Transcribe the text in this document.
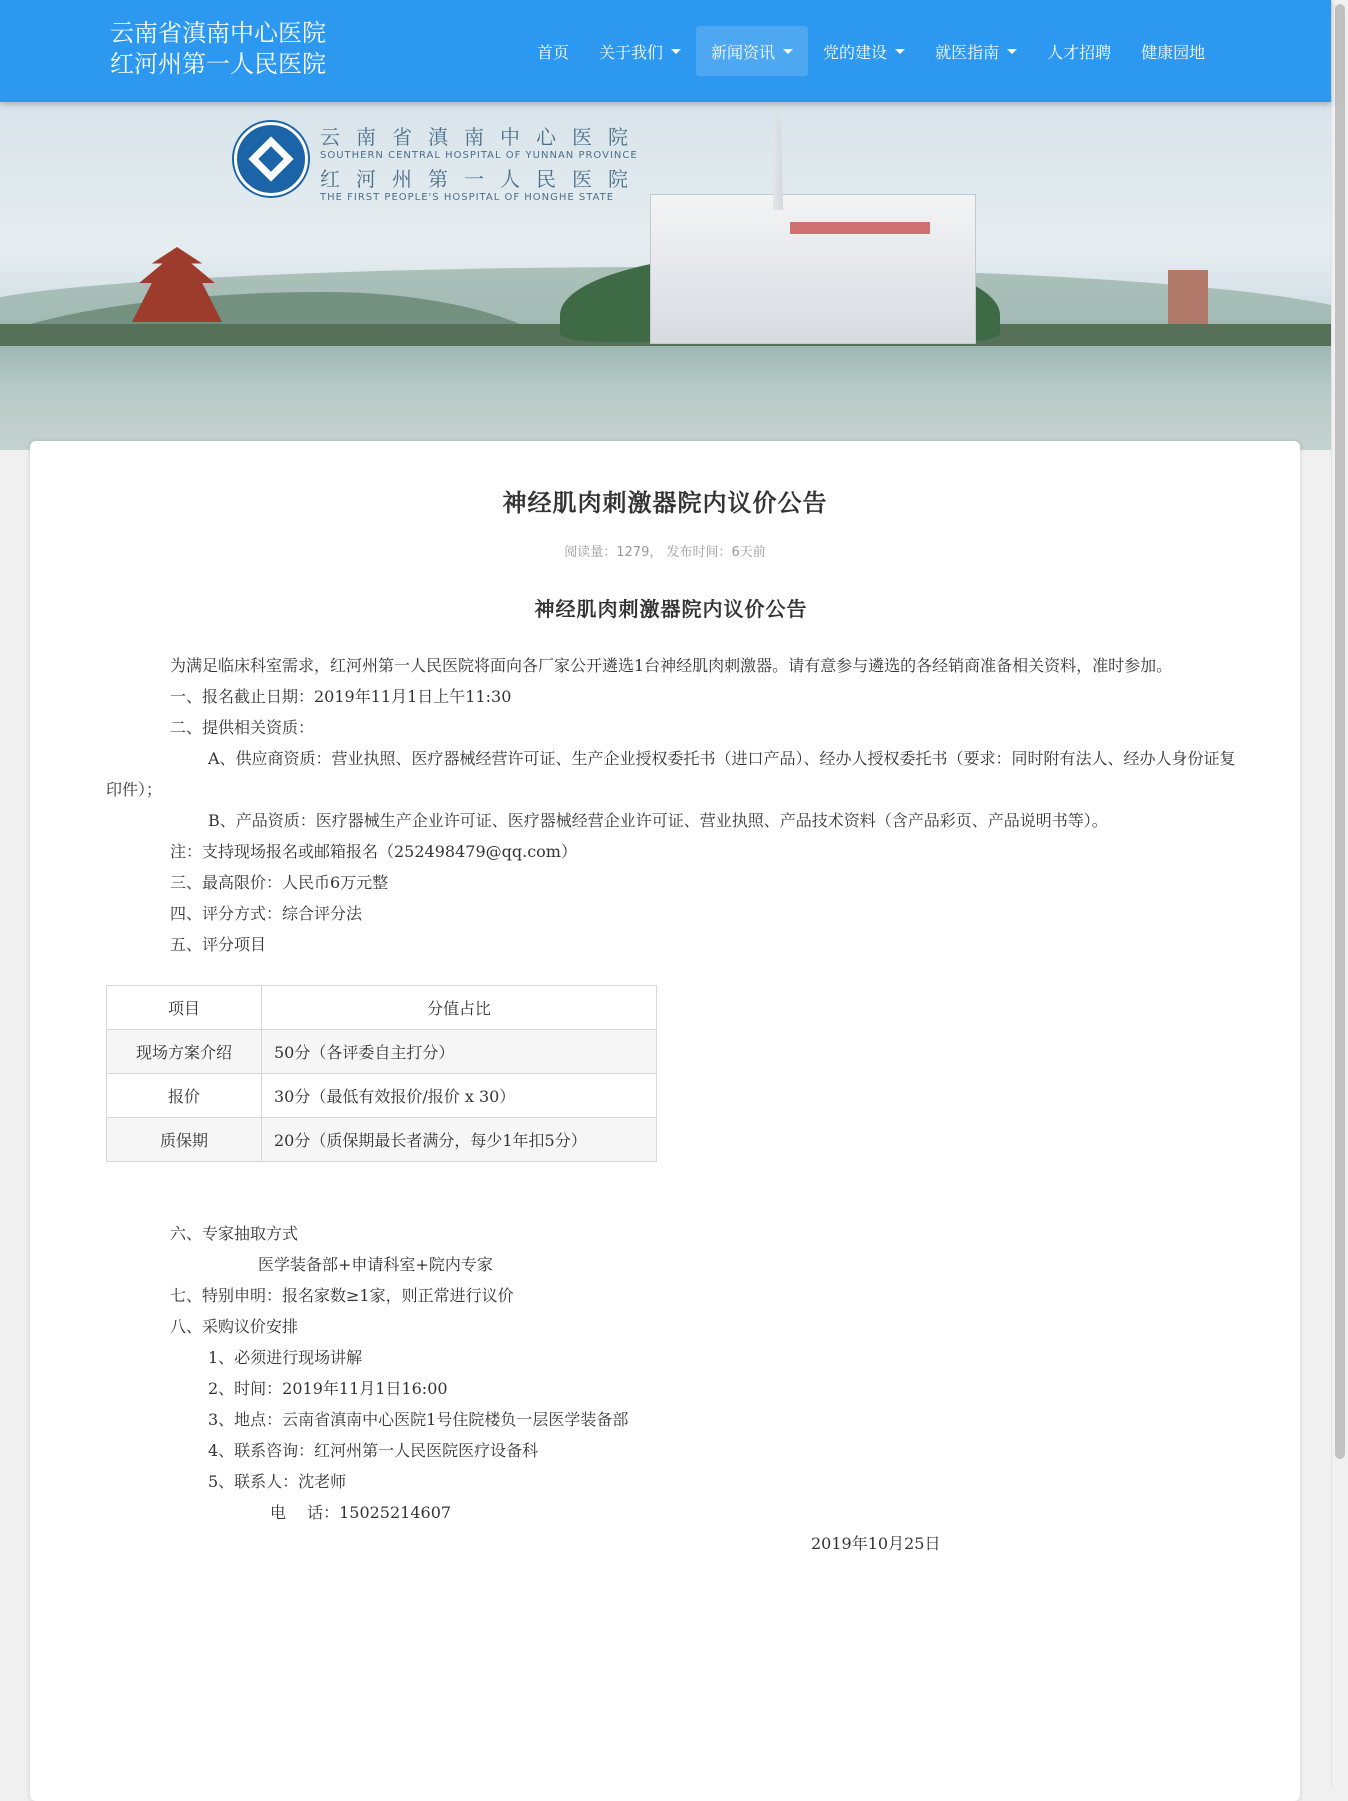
云南省滇南中心医院
红河州第一人民医院	首页 关于我们	新闻资讯	党的建设	就医指南	人才招聘 健康园地
云南省滇南中心医院
SOUTHERN CENTRAL HOSPITAL OF YUNNAN PROVINCE
红河州第一人民医院
THE FIRST PEOPLE'S HOSPITAL OF HONGHE STATE
神经肌肉刺激器院内议价公告
阅读量：1279， 发布时间：6天前
神经肌肉刺激器院内议价公告

为满足临床科室需求，红河州第一人民医院将面向各厂家公开遴选1台神经肌肉刺激器。请有意参与遴选的各经销商准备相关资料，准时参加。

一、报名截止日期：2019年11月1日上午11:30

二、提供相关资质：

A、供应商资质：营业执照、医疗器械经营许可证、生产企业授权委托书（进口产品）、经办人授权委托书（要求：同时附有法人、经办人身份证复印件）；

B、产品资质：医疗器械生产企业许可证、医疗器械经营企业许可证、营业执照、产品技术资料（含产品彩页、产品说明书等）。

注：支持现场报名或邮箱报名（252498479@qq.com）

三、最高限价：人民币6万元整

四、评分方式：综合评分法

五、评分项目

项目	分值占比
现场方案介绍	50分（各评委自主打分）
报价	30分（最低有效报价/报价 x 30）
质保期	20分（质保期最长者满分，每少1年扣5分）

六、专家抽取方式

医学装备部+申请科室+院内专家

七、特别申明：报名家数≥1家，则正常进行议价

八、采购议价安排

1、必须进行现场讲解

2、时间：2019年11月1日16:00

3、地点：云南省滇南中心医院1号住院楼负一层医学装备部

4、联系咨询：红河州第一人民医院医疗设备科

5、联系人：沈老师

电　 话：15025214607

2019年10月25日
